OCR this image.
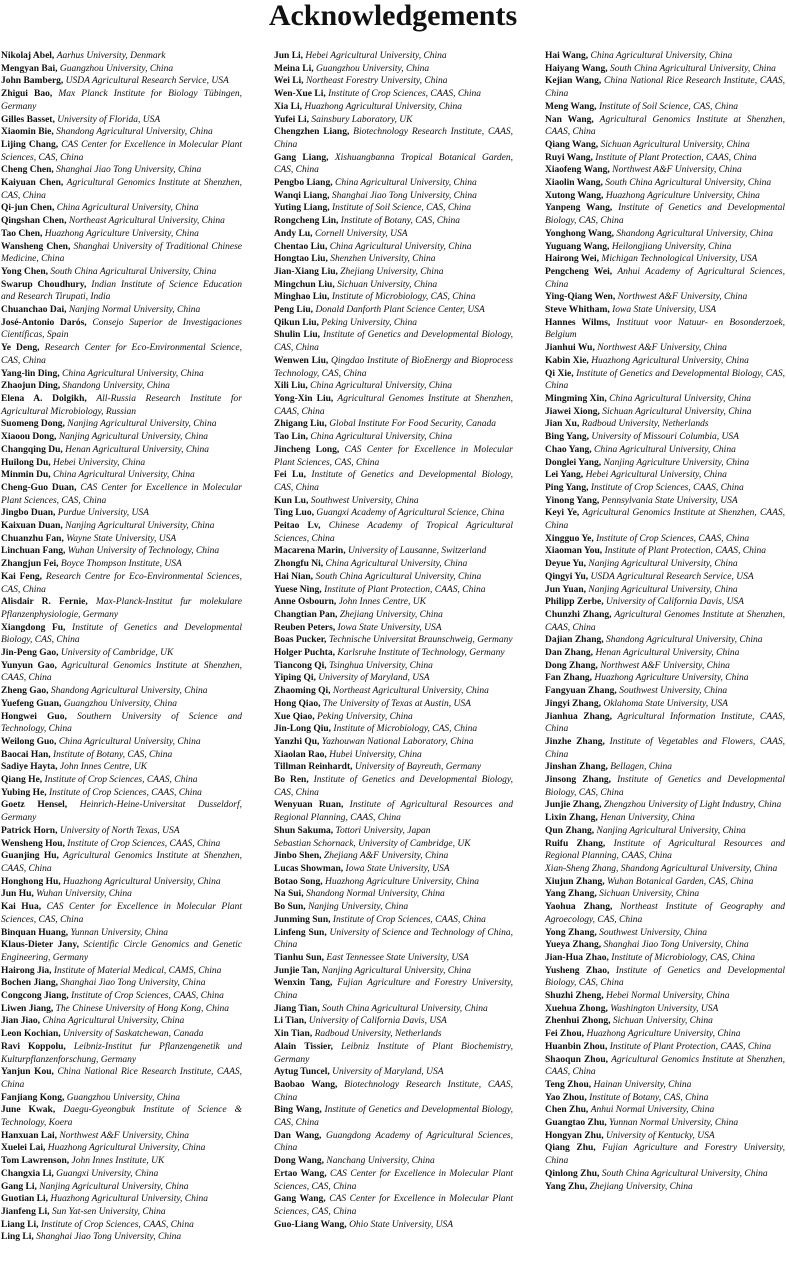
Acknowledgements

Nikolaj Abel, Aarhus University, Denmark

Mengyan Bai, Guangzhou University, China

John Bamberg, USDA Agricultural Research Service, USA

Zhigui Bao, Max Planck Institute for Biology Tübingen, Germany

Gilles Basset, University of Florida, USA

Xiaomin Bie, Shandong Agricultural University, China

Lijing Chang, CAS Center for Excellence in Molecular Plant Sciences, CAS, China

Cheng Chen, Shanghai Jiao Tong University, China

Kaiyuan Chen, Agricultural Genomics Institute at Shenzhen, CAS, China

Qi-jun Chen, China Agricultural University, China

Qingshan Chen, Northeast Agricultural University, China

Tao Chen, Huazhong Agriculture University, China

Wansheng Chen, Shanghai University of Traditional Chinese Medicine, China

Yong Chen, South China Agricultural University, China

Swarup Choudhury, Indian Institute of Science Education and Research Tirupati, India

Chuanchao Dai, Nanjing Normal University, China

José-Antonio Darós, Consejo Superior de Investigaciones Científicas, Spain

Ye Deng, Research Center for Eco-Environmental Science, CAS, China

Yang-lin Ding, China Agricultural University, China

Zhaojun Ding, Shandong University, China

Elena A. Dolgikh, All-Russia Research Institute for Agricultural Microbiology, Russian

Suomeng Dong, Nanjing Agricultural University, China

Xiaoou Dong, Nanjing Agricultural University, China

Changqing Du, Henan Agricultural University, China

Huilong Du, Hebei University, China

Minmin Du, China Agricultural University, China

Cheng-Guo Duan, CAS Center for Excellence in Molecular Plant Sciences, CAS, China

Jingbo Duan, Purdue University, USA

Kaixuan Duan, Nanjing Agricultural University, China

Chuanzhu Fan, Wayne State University, USA

Linchuan Fang, Wuhan University of Technology, China

Zhangjun Fei, Boyce Thompson Institute, USA

Kai Feng, Research Centre for Eco-Environmental Sciences, CAS, China

Alisdair R. Fernie, Max-Planck-Institut fur molekulare Pflanzenphysiologie, Germany

Xiangdong Fu, Institute of Genetics and Developmental Biology, CAS, China

Jin-Peng Gao, University of Cambridge, UK

Yunyun Gao, Agricultural Genomics Institute at Shenzhen, CAAS, China

Zheng Gao, Shandong Agricultural University, China

Yuefeng Guan, Guangzhou University, China

Hongwei Guo, Southern University of Science and Technology, China

Weilong Guo, China Agricultural University, China

Baocai Han, Institute of Botany, CAS, China

Sadiye Hayta, John Innes Centre, UK

Qiang He, Institute of Crop Sciences, CAAS, China

Yubing He, Institute of Crop Sciences, CAAS, China

Goetz Hensel, Heinrich-Heine-Universitat Dusseldorf, Germany

Patrick Horn, University of North Texas, USA

Wensheng Hou, Institute of Crop Sciences, CAAS, China

Guanjing Hu, Agricultural Genomics Institute at Shenzhen, CAAS, China

Honghong Hu, Huazhong Agricultural University, China

Jun Hu, Wuhan University, China

Kai Hua, CAS Center for Excellence in Molecular Plant Sciences, CAS, China

Binquan Huang, Yunnan University, China

Klaus-Dieter Jany, Scientific Circle Genomics and Genetic Engineering, Germany

Hairong Jia, Institute of Material Medical, CAMS, China

Bochen Jiang, Shanghai Jiao Tong University, China

Congcong Jiang, Institute of Crop Sciences, CAAS, China

Liwen Jiang, The Chinese University of Hong Kong, China

Jian Jiao, China Agricultural University, China

Leon Kochian, University of Saskatchewan, Canada

Ravi Koppolu, Leibniz-Institut fur Pflanzengenetik und Kulturpflanzenforschung, Germany

Yanjun Kou, China National Rice Research Institute, CAAS, China

Fanjiang Kong, Guangzhou University, China

June Kwak, Daegu-Gyeongbuk Institute of Science & Technology, Koera

Hanxuan Lai, Northwest A&F University, China

Xuelei Lai, Huazhong Agricultural University, China

Tom Lawrenson, John Innes Institute, UK

Changxia Li, Guangxi University, China

Gang Li, Nanjing Agricultural University, China

Guotian Li, Huazhong Agricultural University, China

Jianfeng Li, Sun Yat-sen University, China

Liang Li, Institute of Crop Sciences, CAAS, China

Ling Li, Shanghai Jiao Tong University, China

Jun Li, Hebei Agricultural University, China

Meina Li, Guangzhou University, China

Wei Li, Northeast Forestry University, China

Wen-Xue Li, Institute of Crop Sciences, CAAS, China

Xia Li, Huazhong Agricultural University, China

Yufei Li, Sainsbury Laboratory, UK

Chengzhen Liang, Biotechnology Research Institute, CAAS, China

Gang Liang, Xishuangbanna Tropical Botanical Garden, CAS, China

Pengbo Liang, China Agricultural University, China

Wanqi Liang, Shanghai Jiao Tong University, China

Yuting Liang, Institute of Soil Science, CAS, China

Rongcheng Lin, Institute of Botany, CAS, China

Andy Lu, Cornell University, USA

Chentao Liu, China Agricultural University, China

Hongtao Liu, Shenzhen University, China

Jian-Xiang Liu, Zhejiang University, China

Mingchun Liu, Sichuan University, China

Minghao Liu, Institute of Microbiology, CAS, China

Peng Liu, Donald Danforth Plant Science Center, USA

Qikun Liu, Peking University, China

Shulin Liu, Institute of Genetics and Developmental Biology, CAS, China

Wenwen Liu, Qingdao Institute of BioEnergy and Bioprocess Technology, CAS, China

Xili Liu, China Agricultural University, China

Yong-Xin Liu, Agricultural Genomes Institute at Shenzhen, CAAS, China

Zhigang Liu, Global Institute For Food Security, Canada

Tao Lin, China Agricultural University, China

Jincheng Long, CAS Center for Excellence in Molecular Plant Sciences, CAS, China

Fei Lu, Institute of Genetics and Developmental Biology, CAS, China

Kun Lu, Southwest University, China

Ting Luo, Guangxi Academy of Agricultural Science, China

Peitao Lv, Chinese Academy of Tropical Agricultural Sciences, China

Macarena Marin, University of Lausanne, Switzerland

Zhongfu Ni, China Agricultural University, China

Hai Nian, South China Agricultural University, China

Yuese Ning, Institute of Plant Protection, CAAS, China

Anne Osbourn, John Innes Centre, UK

Changtian Pan, Zhejiang University, China

Reuben Peters, Iowa State University, USA

Boas Pucker, Technische Universitat Braunschweig, Germany

Holger Puchta, Karlsruhe Institute of Technology, Germany

Tiancong Qi, Tsinghua University, China

Yiping Qi, University of Maryland, USA

Zhaoming Qi, Northeast Agricultural University, China

Hong Qiao, The University of Texas at Austin, USA

Xue Qiao, Peking University, China

Jin-Long Qiu, Institute of Microbiology, CAS, China

Yanzhi Qu, Yazhouwan National Laboratory, China

Xiaolan Rao, Hubei University, China

Tillman Reinhardt, University of Bayreuth, Germany

Bo Ren, Institute of Genetics and Developmental Biology, CAS, China

Wenyuan Ruan, Institute of Agricultural Resources and Regional Planning, CAAS, China

Shun Sakuma, Tottori University, Japan

Sebastian Schornack, University of Cambridge, UK

Jinbo Shen, Zhejiang A&F University, China

Lucas Showman, Iowa State University, USA

Botao Song, Huazhong Agriculture University, China

Na Sui, Shandong Normal University, China

Bo Sun, Nanjing University, China

Junming Sun, Institute of Crop Sciences, CAAS, China

Linfeng Sun, University of Science and Technology of China, China

Tianhu Sun, East Tennessee State University, USA

Junjie Tan, Nanjing Agricultural University, China

Wenxin Tang, Fujian Agriculture and Forestry University, China

Jiang Tian, South China Agricultural University, China

Li Tian, University of California Davis, USA

Xin Tian, Radboud University, Netherlands

Alain Tissier, Leibniz Institute of Plant Biochemistry, Germany

Aytug Tuncel, University of Maryland, USA

Baobao Wang, Biotechnology Research Institute, CAAS, China

Bing Wang, Institute of Genetics and Developmental Biology, CAS, China

Dan Wang, Guangdong Academy of Agricultural Sciences, China

Dong Wang, Nanchang University, China

Ertao Wang, CAS Center for Excellence in Molecular Plant Sciences, CAS, China

Gang Wang, CAS Center for Excellence in Molecular Plant Sciences, CAS, China

Guo-Liang Wang, Ohio State University, USA

Hai Wang, China Agricultural University, China

Haiyang Wang, South China Agricultural University, China

Kejian Wang, China National Rice Research Institute, CAAS, China

Meng Wang, Institute of Soil Science, CAS, China

Nan Wang, Agricultural Genomics Institute at Shenzhen, CAAS, China

Qiang Wang, Sichuan Agricultural University, China

Ruyi Wang, Institute of Plant Protection, CAAS, China

Xiaofeng Wang, Northwest A&F University, China

Xiaolin Wang, South China Agricultural University, China

Xutong Wang, Huazhong Agriculture University, China

Yanpeng Wang, Institute of Genetics and Developmental Biology, CAS, China

Yonghong Wang, Shandong Agricultural University, China

Yuguang Wang, Heilongjiang University, China

Hairong Wei, Michigan Technological University, USA

Pengcheng Wei, Anhui Academy of Agricultural Sciences, China

Ying-Qiang Wen, Northwest A&F University, China

Steve Whitham, Iowa State University, USA

Hannes Wilms, Instituut voor Natuur- en Bosonderzoek, Belgium

Jianhui Wu, Northwest A&F University, China

Kabin Xie, Huazhong Agricultural University, China

Qi Xie, Institute of Genetics and Developmental Biology, CAS, China

Mingming Xin, China Agricultural University, China

Jiawei Xiong, Sichuan Agricultural University, China

Jian Xu, Radboud University, Netherlands

Bing Yang, University of Missouri Columbia, USA

Chao Yang, China Agricultural University, China

Donglei Yang, Nanjing Agriculture University, China

Lei Yang, Hebei Agricultural University, China

Ping Yang, Institute of Crop Sciences, CAAS, China

Yinong Yang, Pennsylvania State University, USA

Keyi Ye, Agricultural Genomics Institute at Shenzhen, CAAS, China

Xingguo Ye, Institute of Crop Sciences, CAAS, China

Xiaoman You, Institute of Plant Protection, CAAS, China

Deyue Yu, Nanjing Agricultural University, China

Qingyi Yu, USDA Agricultural Research Service, USA

Jun Yuan, Nanjing Agricultural University, China

Philipp Zerbe, University of California Davis, USA

Chunzhi Zhang, Agricultural Genomes Institute at Shenzhen, CAAS, China

Dajian Zhang, Shandong Agricultural University, China

Dan Zhang, Henan Agricultural University, China

Dong Zhang, Northwest A&F University, China

Fan Zhang, Huazhong Agriculture University, China

Fangyuan Zhang, Southwest University, China

Jingyi Zhang, Oklahoma State University, USA

Jianhua Zhang, Agricultural Information Institute, CAAS, China

Jinzhe Zhang, Institute of Vegetables and Flowers, CAAS, China

Jinshan Zhang, Bellagen, China

Jinsong Zhang, Institute of Genetics and Developmental Biology, CAS, China

Junjie Zhang, Zhengzhou University of Light Industry, China

Lixin Zhang, Henan University, China

Qun Zhang, Nanjing Agricultural University, China

Ruifu Zhang, Institute of Agricultural Resources and Regional Planning, CAAS, China

Xian-Sheng Zhang, Shandong Agricultural University, China

Xiujun Zhang, Wuhan Botanical Garden, CAS, China

Yang Zhang, Sichuan University, China

Yaohua Zhang, Northeast Institute of Geography and Agroecology, CAS, China

Yong Zhang, Southwest University, China

Yueya Zhang, Shanghai Jiao Tong University, China

Jian-Hua Zhao, Institute of Microbiology, CAS, China

Yusheng Zhao, Institute of Genetics and Developmental Biology, CAS, China

Shuzhi Zheng, Hebei Normal University, China

Xuehua Zhong, Washington University, USA

Zhenhui Zhong, Sichuan University, China

Fei Zhou, Huazhong Agriculture University, China

Huanbin Zhou, Institute of Plant Protection, CAAS, China

Shaoqun Zhou, Agricultural Genomics Institute at Shenzhen, CAAS, China

Teng Zhou, Hainan University, China

Yao Zhou, Institute of Botany, CAS, China

Chen Zhu, Anhui Normal University, China

Guangtao Zhu, Yunnan Normal University, China

Hongyan Zhu, University of Kentucky, USA

Qiang Zhu, Fujian Agriculture and Forestry University, China

Qinlong Zhu, South China Agricultural University, China

Yang Zhu, Zhejiang University, China
